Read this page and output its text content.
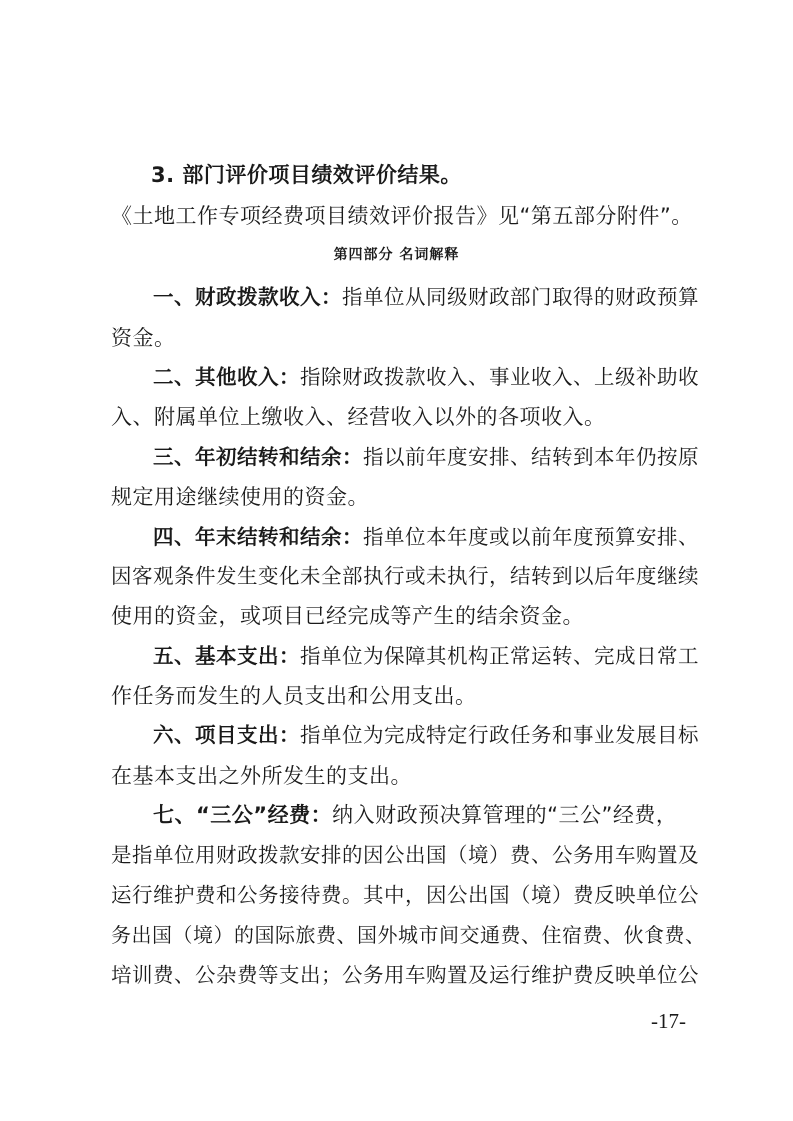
3. 部门评价项目绩效评价结果。
《土地工作专项经费项目绩效评价报告》见“第五部分附件”。
第四部分 名词解释
一、财政拨款收入：指单位从同级财政部门取得的财政预算
资金。
二、其他收入：指除财政拨款收入、事业收入、上级补助收
入、附属单位上缴收入、经营收入以外的各项收入。
三、年初结转和结余：指以前年度安排、结转到本年仍按原
规定用途继续使用的资金。
四、年末结转和结余：指单位本年度或以前年度预算安排、
因客观条件发生变化未全部执行或未执行，结转到以后年度继续
使用的资金，或项目已经完成等产生的结余资金。
五、基本支出：指单位为保障其机构正常运转、完成日常工
作任务而发生的人员支出和公用支出。
六、项目支出：指单位为完成特定行政任务和事业发展目标
在基本支出之外所发生的支出。
七、“三公”经费：纳入财政预决算管理的“三公”经费，
是指单位用财政拨款安排的因公出国（境）费、公务用车购置及
运行维护费和公务接待费。其中，因公出国（境）费反映单位公
务出国（境）的国际旅费、国外城市间交通费、住宿费、伙食费、
培训费、公杂费等支出；公务用车购置及运行维护费反映单位公
-17-
